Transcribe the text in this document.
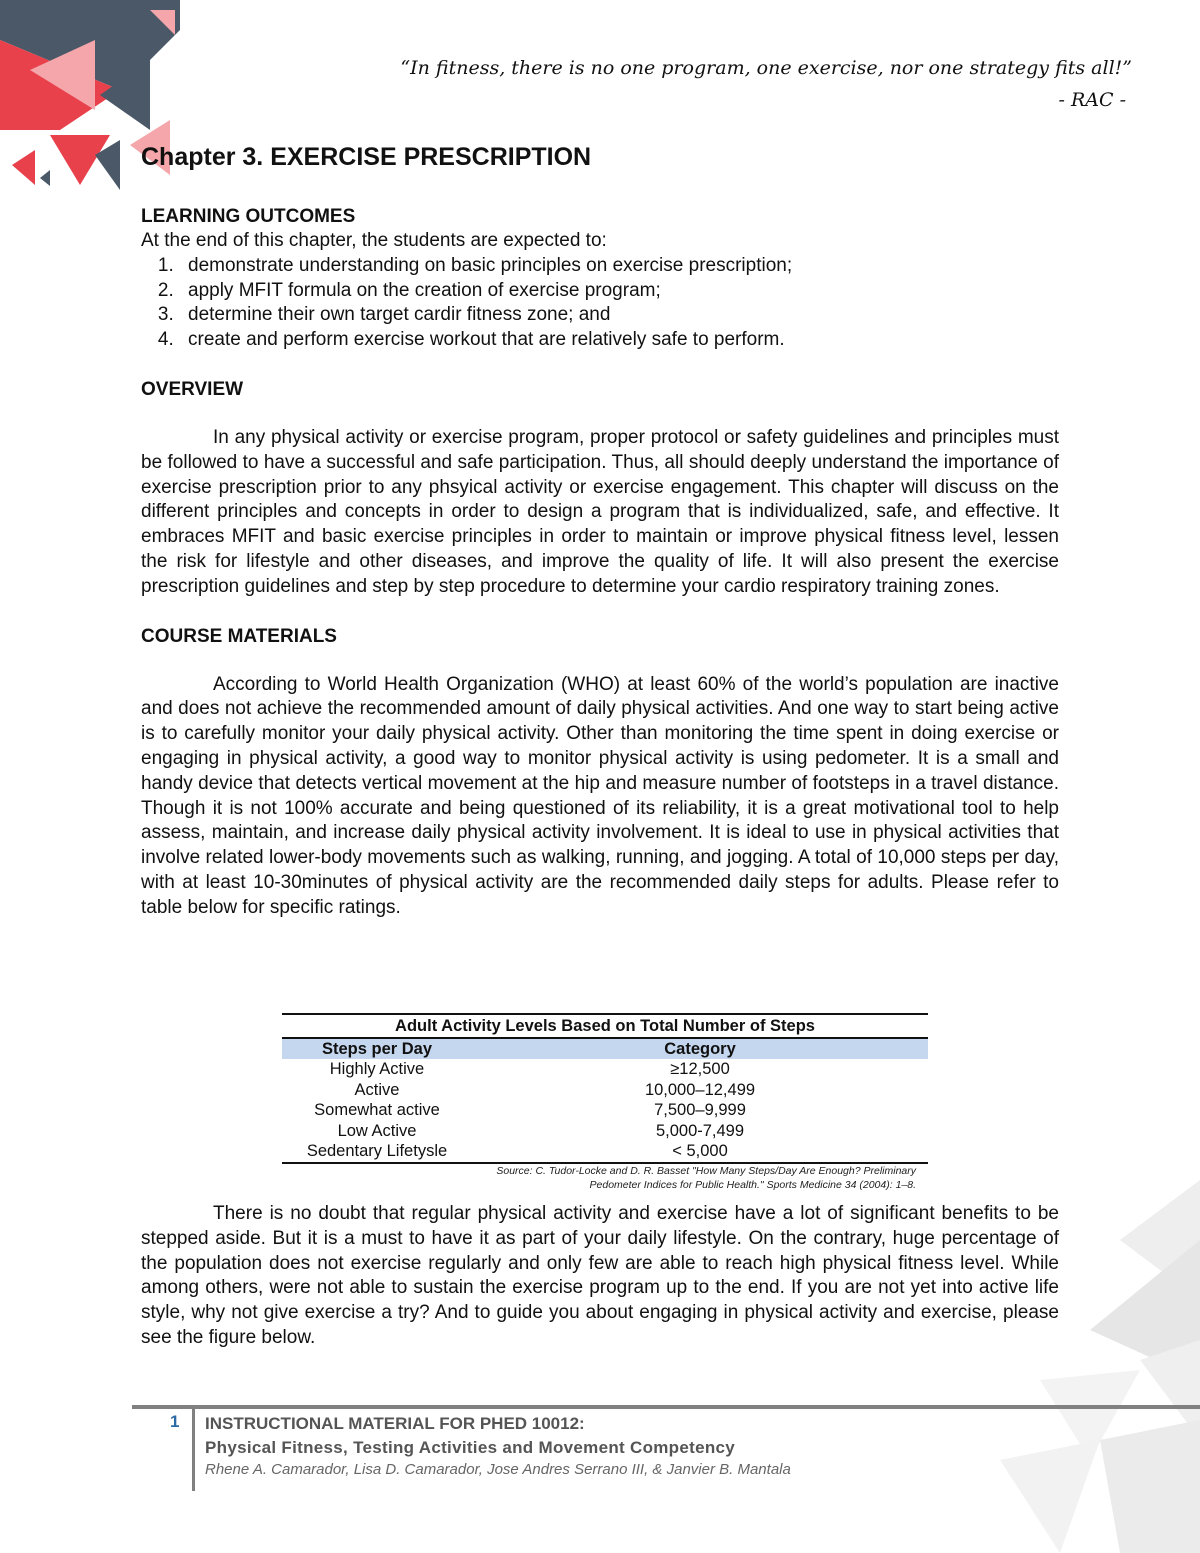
“In fitness, there is no one program, one exercise, nor one strategy fits all!”
- RAC -
Chapter 3. EXERCISE PRESCRIPTION
LEARNING OUTCOMES

At the end of this chapter, the students are expected to:

1. demonstrate understanding on basic principles on exercise prescription;
2. apply MFIT formula on the creation of exercise program;
3. determine their own target cardir fitness zone; and
4. create and perform exercise workout that are relatively safe to perform.
OVERVIEW

In any physical activity or exercise program, proper protocol or safety guidelines and principles must be followed to have a successful and safe participation. Thus, all should deeply understand the importance of exercise prescription prior to any phsyical activity or exercise engagement. This chapter will discuss on the different principles and concepts in order to design a program that is individualized, safe, and effective. It embraces MFIT and basic exercise principles in order to maintain or improve physical fitness level, lessen the risk for lifestyle and other diseases, and improve the quality of life. It will also present the exercise prescription guidelines and step by step procedure to determine your cardio respiratory training zones.

COURSE MATERIALS

According to World Health Organization (WHO) at least 60% of the world’s population are inactive and does not achieve the recommended amount of daily physical activities. And one way to start being active is to carefully monitor your daily physical activity. Other than monitoring the time spent in doing exercise or engaging in physical activity, a good way to monitor physical activity is using pedometer. It is a small and handy device that detects vertical movement at the hip and measure number of footsteps in a travel distance. Though it is not 100% accurate and being questioned of its reliability, it is a great motivational tool to help assess, maintain, and increase daily physical activity involvement. It is ideal to use in physical activities that involve related lower-body movements such as walking, running, and jogging. A total of 10,000 steps per day, with at least 10-30minutes of physical activity are the recommended daily steps for adults. Please refer to table below for specific ratings.

Adult Activity Levels Based on Total Number of Steps	
Steps per Day	Category
Highly Active	≥12,500
Active	10,000–12,499
Somewhat active	7,500–9,999
Low Active	5,000-7,499
Sedentary Lifetysle	< 5,000
Source: C. Tudor-Locke and D. R. Basset "How Many Steps/Day Are Enough? Preliminary
Pedometer Indices for Public Health." Sports Medicine 34 (2004): 1–8.

There is no doubt that regular physical activity and exercise have a lot of significant benefits to be stepped aside. But it is a must to have it as part of your daily lifestyle. On the contrary, huge percentage of the population does not exercise regularly and only few are able to reach high physical fitness level. While among others, were not able to sustain the exercise program up to the end. If you are not yet into active life style, why not give exercise a try? And to guide you about engaging in physical activity and exercise, please see the figure below.

1 INSTRUCTIONAL MATERIAL FOR PHED 10012:
Physical Fitness, Testing Activities and Movement Competency
Rhene A. Camarador, Lisa D. Camarador, Jose Andres Serrano III, & Janvier B. Mantala
